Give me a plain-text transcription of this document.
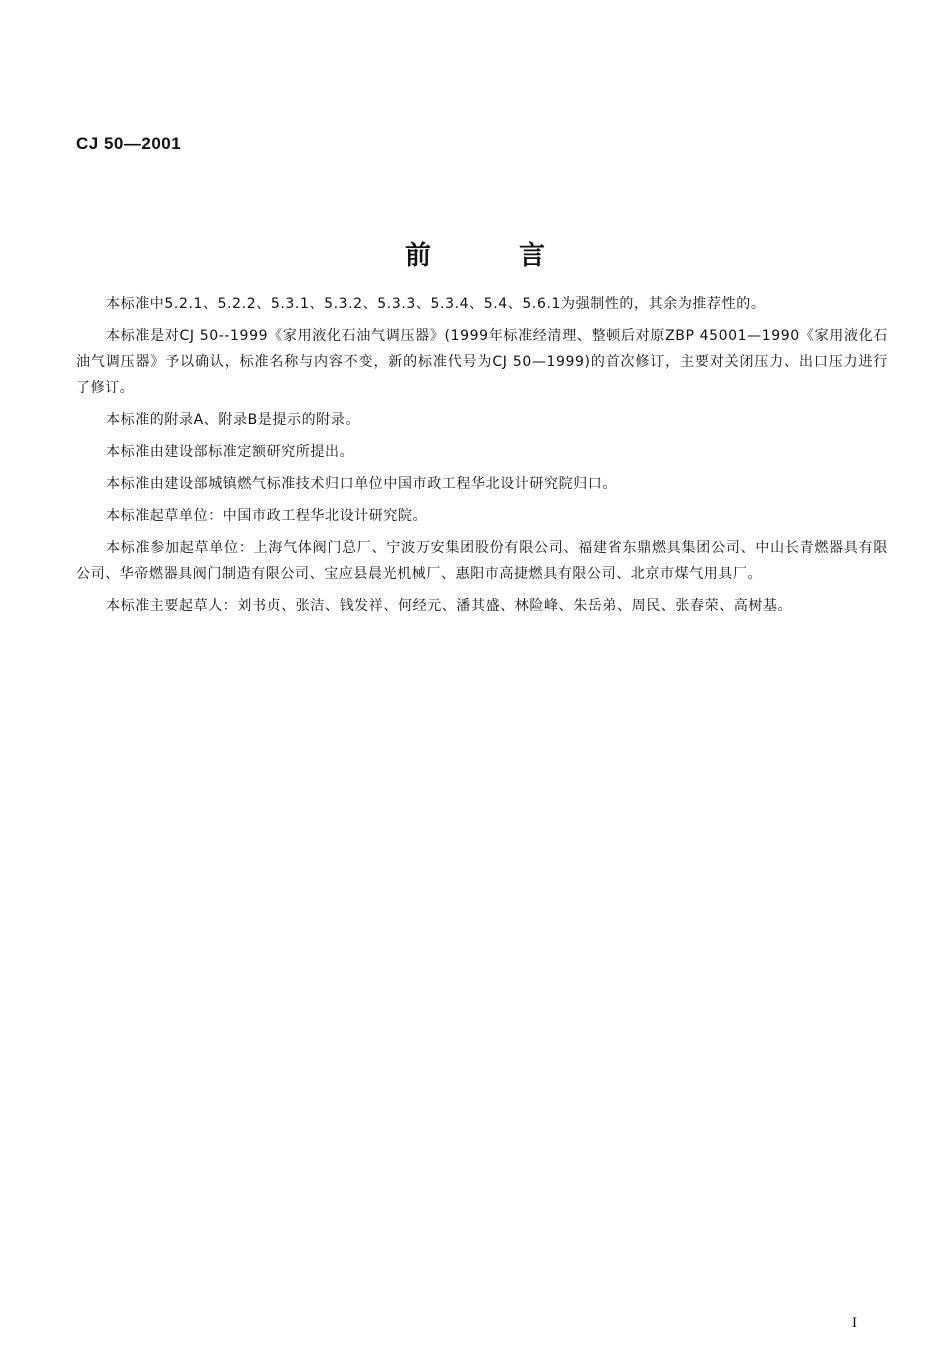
CJ 50—2001
前	言

本标准中5.2.1、5.2.2、5.3.1、5.3.2、5.3.3、5.3.4、5.4、5.6.1为强制性的，其余为推荐性的。

本标准是对CJ 50--1999《家用液化石油气调压器》(1999年标准经清理、整顿后对原ZBP 45001—1990《家用液化石油气调压器》予以确认，标准名称与内容不变，新的标准代号为CJ 50—1999)的首次修订，主要对关闭压力、出口压力进行了修订。

本标准的附录A、附录B是提示的附录。

本标准由建设部标准定额研究所提出。

本标准由建设部城镇燃气标准技术归口单位中国市政工程华北设计研究院归口。

本标准起草单位：中国市政工程华北设计研究院。

本标准参加起草单位：上海气体阀门总厂、宁波万安集团股份有限公司、福建省东鼎燃具集团公司、中山长青燃器具有限公司、华帝燃器具阀门制造有限公司、宝应县晨光机械厂、惠阳市高捷燃具有限公司、北京市煤气用具厂。

本标准主要起草人：刘书贞、张洁、钱发祥、何经元、潘其盛、林险峰、朱岳弟、周民、张春荣、高树基。

I
